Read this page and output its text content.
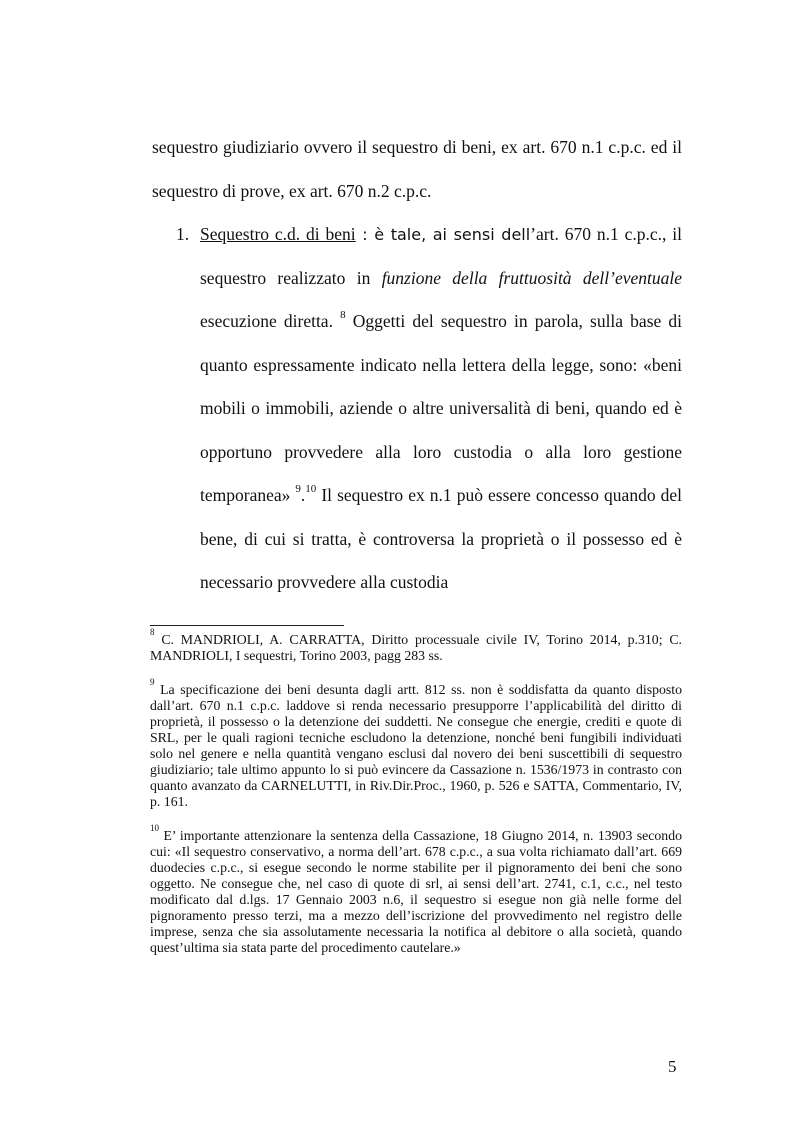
sequestro giudiziario ovvero il sequestro di beni, ex art. 670 n.1 c.p.c. ed il sequestro di prove, ex art. 670 n.2 c.p.c.

1. Sequestro c.d. di beni : è tale, ai sensi dell’art. 670 n.1 c.p.c., il sequestro realizzato in funzione della fruttuosità dell’eventuale esecuzione diretta. $^8$ Oggetti del sequestro in parola, sulla base di quanto espressamente indicato nella lettera della legge, sono: «beni mobili o immobili, aziende o altre universalità di beni, quando ed è opportuno provvedere alla loro custodia o alla loro gestione temporanea» $^9$.$^{10}$ Il sequestro ex n.1 può essere concesso quando del bene, di cui si tratta, è controversa la proprietà o il possesso ed è necessario provvedere alla custodia

$^8$ C. MANDRIOLI, A. CARRATTA, Diritto processuale civile IV, Torino 2014, p.310; C. MANDRIOLI, I sequestri, Torino 2003, pagg 283 ss.

$^9$ La specificazione dei beni desunta dagli artt. 812 ss. non è soddisfatta da quanto disposto dall’art. 670 n.1 c.p.c. laddove si renda necessario presupporre l’applicabilità del diritto di proprietà, il possesso o la detenzione dei suddetti. Ne consegue che energie, crediti e quote di SRL, per le quali ragioni tecniche escludono la detenzione, nonché beni fungibili individuati solo nel genere e nella quantità vengano esclusi dal novero dei beni suscettibili di sequestro giudiziario; tale ultimo appunto lo si può evincere da Cassazione n. 1536/1973 in contrasto con quanto avanzato da CARNELUTTI, in Riv.Dir.Proc., 1960, p. 526 e SATTA, Commentario, IV, p. 161.

$^{10}$ E’ importante attenzionare la sentenza della Cassazione, 18 Giugno 2014, n. 13903 secondo cui: «Il sequestro conservativo, a norma dell’art. 678 c.p.c., a sua volta richiamato dall’art. 669 duodecies c.p.c., si esegue secondo le norme stabilite per il pignoramento dei beni che sono oggetto. Ne consegue che, nel caso di quote di srl, ai sensi dell’art. 2741, c.1, c.c., nel testo modificato dal d.lgs. 17 Gennaio 2003 n.6, il sequestro si esegue non già nelle forme del pignoramento presso terzi, ma a mezzo dell’iscrizione del provvedimento nel registro delle imprese, senza che sia assolutamente necessaria la notifica al debitore o alla società, quando quest’ultima sia stata parte del procedimento cautelare.»

5
